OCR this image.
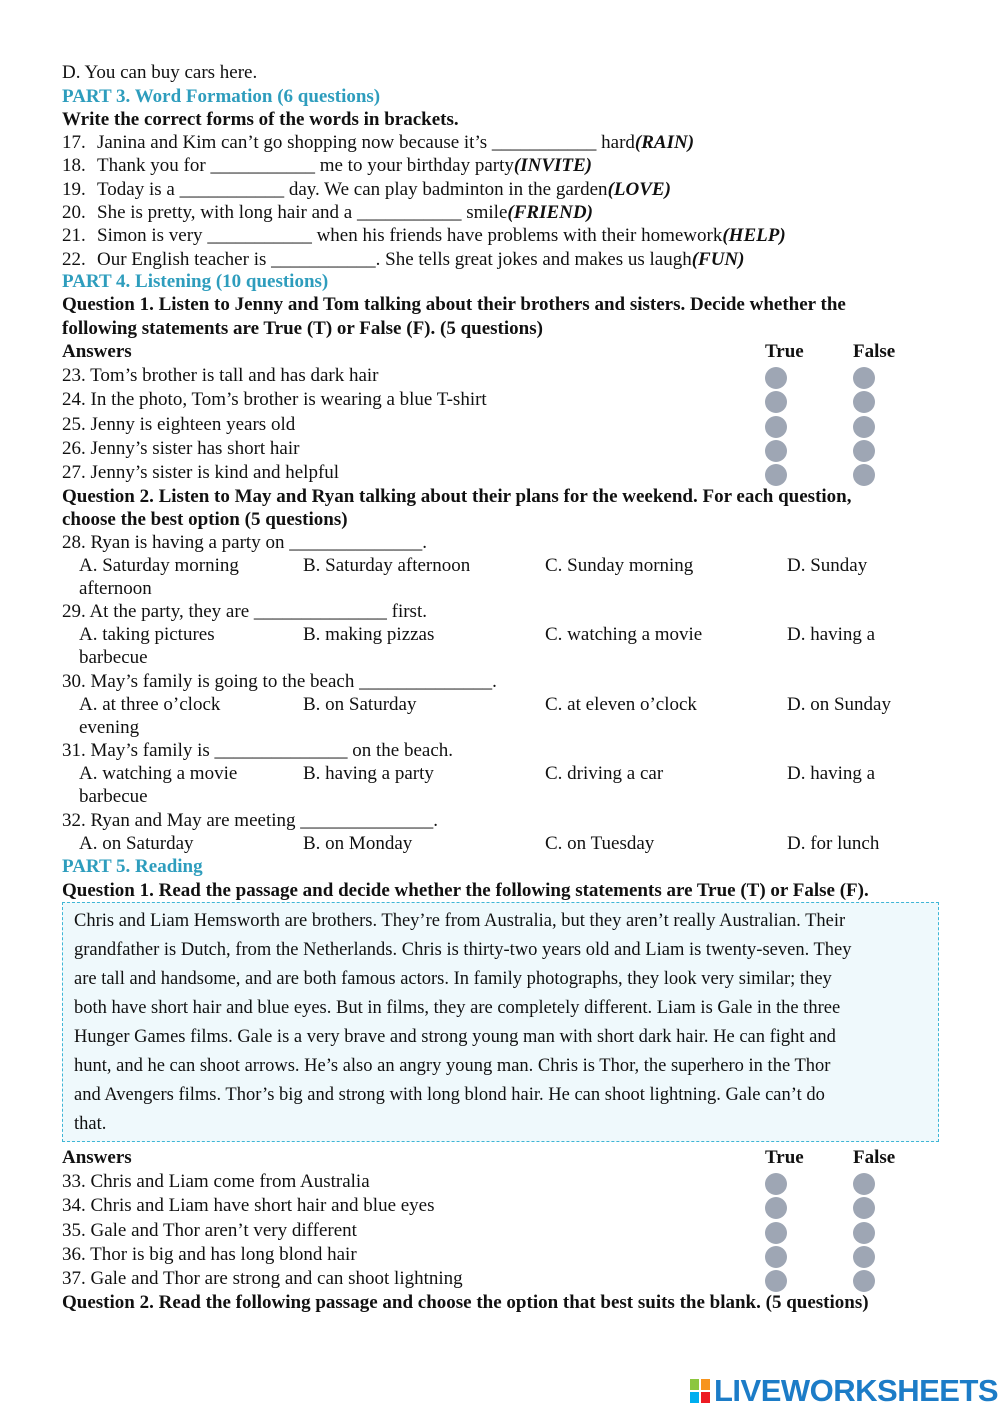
D. You can buy cars here.
PART 3. Word Formation (6 questions)
Write the correct forms of the words in brackets.
17. Janina and Kim can’t go shopping now because it’s ___________ hard(RAIN)
18. Thank you for ___________ me to your birthday party(INVITE)
19. Today is a ___________ day. We can play badminton in the garden(LOVE)
20. She is pretty, with long hair and a ___________ smile(FRIEND)
21. Simon is very ___________ when his friends have problems with their homework(HELP)
22. Our English teacher is ___________. She tells great jokes and makes us laugh(FUN)
PART 4. Listening (10 questions)
Question 1. Listen to Jenny and Tom talking about their brothers and sisters. Decide whether the
following statements are True (T) or False (F). (5 questions)
Answers	True	False
23. Tom’s brother is tall and has dark hair
24. In the photo, Tom’s brother is wearing a blue T-shirt
25. Jenny is eighteen years old
26. Jenny’s sister has short hair
27. Jenny’s sister is kind and helpful
Question 2. Listen to May and Ryan talking about their plans for the weekend. For each question,
choose the best option (5 questions)
28. Ryan is having a party on ______________.
A. Saturday morning	B. Saturday afternoon	C. Sunday morning	D. Sunday
afternoon
29. At the party, they are ______________ first.
A. taking pictures	B. making pizzas	C. watching a movie	D. having a
barbecue
30. May’s family is going to the beach ______________.
A. at three o’clock	B. on Saturday	C. at eleven o’clock	D. on Sunday
evening
31. May’s family is ______________ on the beach.
A. watching a movie	B. having a party	C. driving a car	D. having a
barbecue
32. Ryan and May are meeting ______________.
A. on Saturday	B. on Monday	C. on Tuesday	D. for lunch
PART 5. Reading
Question 1. Read the passage and decide whether the following statements are True (T) or False (F).
Chris and Liam Hemsworth are brothers. They’re from Australia, but they aren’t really Australian. Their
grandfather is Dutch, from the Netherlands. Chris is thirty-two years old and Liam is twenty-seven. They
are tall and handsome, and are both famous actors. In family photographs, they look very similar; they
both have short hair and blue eyes. But in films, they are completely different. Liam is Gale in the three
Hunger Games films. Gale is a very brave and strong young man with short dark hair. He can fight and
hunt, and he can shoot arrows. He’s also an angry young man. Chris is Thor, the superhero in the Thor
and Avengers films. Thor’s big and strong with long blond hair. He can shoot lightning. Gale can’t do
that.
Answers	True	False
33. Chris and Liam come from Australia
34. Chris and Liam have short hair and blue eyes
35. Gale and Thor aren’t very different
36. Thor is big and has long blond hair
37. Gale and Thor are strong and can shoot lightning
Question 2. Read the following passage and choose the option that best suits the blank. (5 questions)
LIVEWORKSHEETS
